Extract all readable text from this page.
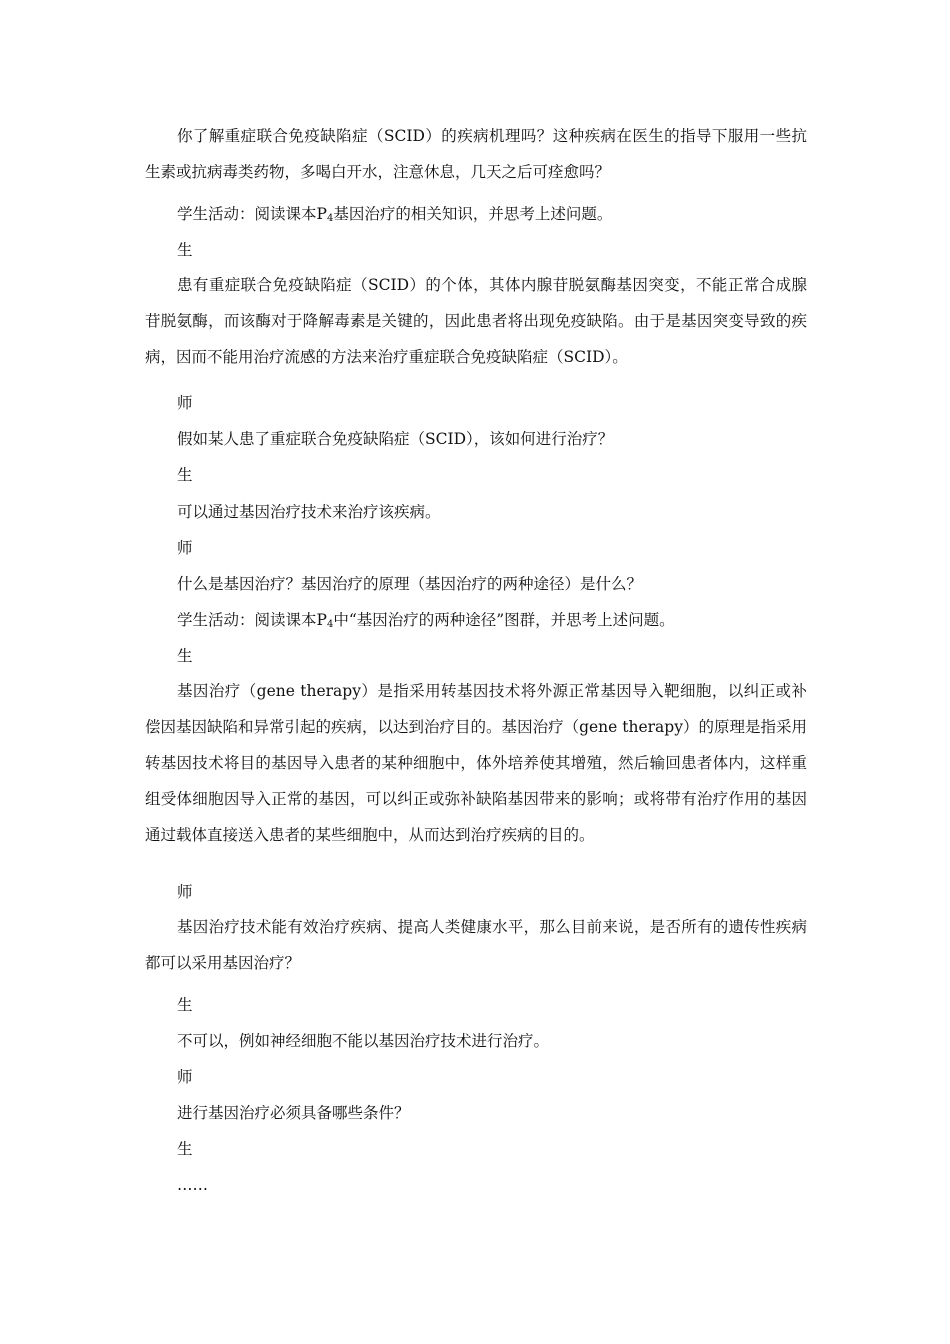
你了解重症联合免疫缺陷症（SCID）的疾病机理吗？这种疾病在医生的指导下服用一些抗生素或抗病毒类药物，多喝白开水，注意休息，几天之后可痊愈吗？

学生活动：阅读课本$P_4$基因治疗的相关知识，并思考上述问题。

生

患有重症联合免疫缺陷症（SCID）的个体，其体内腺苷脱氨酶基因突变，不能正常合成腺苷脱氨酶，而该酶对于降解毒素是关键的，因此患者将出现免疫缺陷。由于是基因突变导致的疾病，因而不能用治疗流感的方法来治疗重症联合免疫缺陷症（SCID）。

师

假如某人患了重症联合免疫缺陷症（SCID），该如何进行治疗？

生

可以通过基因治疗技术来治疗该疾病。

师

什么是基因治疗？基因治疗的原理（基因治疗的两种途径）是什么？

学生活动：阅读课本$P_4$中“基因治疗的两种途径”图群，并思考上述问题。

生

基因治疗（gene therapy）是指采用转基因技术将外源正常基因导入靶细胞，以纠正或补偿因基因缺陷和异常引起的疾病，以达到治疗目的。基因治疗（gene therapy）的原理是指采用转基因技术将目的基因导入患者的某种细胞中，体外培养使其增殖，然后输回患者体内，这样重组受体细胞因导入正常的基因，可以纠正或弥补缺陷基因带来的影响；或将带有治疗作用的基因通过载体直接送入患者的某些细胞中，从而达到治疗疾病的目的。

师

基因治疗技术能有效治疗疾病、提高人类健康水平，那么目前来说，是否所有的遗传性疾病都可以采用基因治疗？

生

不可以，例如神经细胞不能以基因治疗技术进行治疗。

师

进行基因治疗必须具备哪些条件？

生

……
